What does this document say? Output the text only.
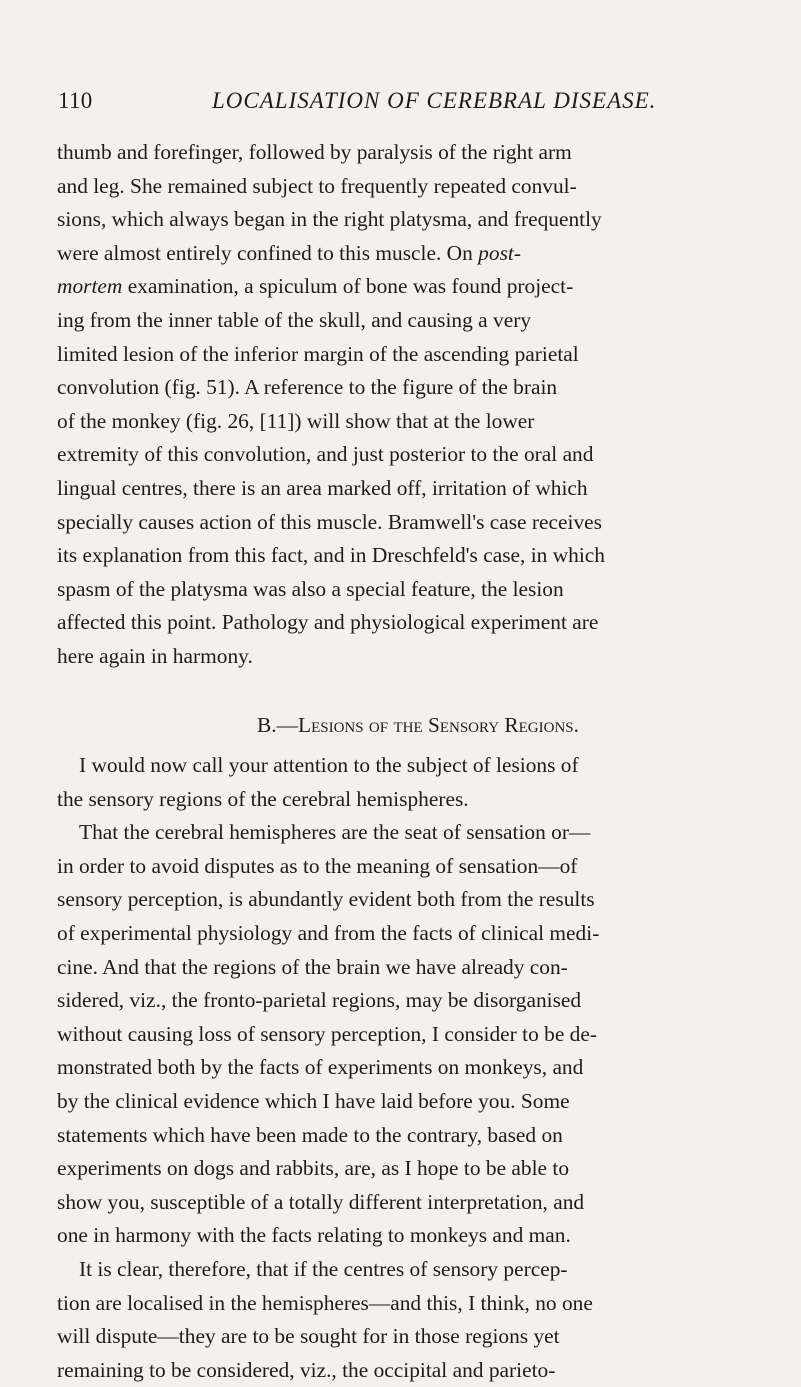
110	LOCALISATION OF CEREBRAL DISEASE.
thumb and forefinger, followed by paralysis of the right arm
and leg. She remained subject to frequently repeated convul-
sions, which always began in the right platysma, and frequently
were almost entirely confined to this muscle. On post-
mortem examination, a spiculum of bone was found project-
ing from the inner table of the skull, and causing a very
limited lesion of the inferior margin of the ascending parietal
convolution (fig. 51). A reference to the figure of the brain
of the monkey (fig. 26, [11]) will show that at the lower
extremity of this convolution, and just posterior to the oral and
lingual centres, there is an area marked off, irritation of which
specially causes action of this muscle. Bramwell's case receives
its explanation from this fact, and in Dreschfeld's case, in which
spasm of the platysma was also a special feature, the lesion
affected this point. Pathology and physiological experiment are
here again in harmony.
B.—Lesions of the Sensory Regions.
I would now call your attention to the subject of lesions of
the sensory regions of the cerebral hemispheres.
That the cerebral hemispheres are the seat of sensation or—
in order to avoid disputes as to the meaning of sensation—of
sensory perception, is abundantly evident both from the results
of experimental physiology and from the facts of clinical medi-
cine. And that the regions of the brain we have already con-
sidered, viz., the fronto-parietal regions, may be disorganised
without causing loss of sensory perception, I consider to be de-
monstrated both by the facts of experiments on monkeys, and
by the clinical evidence which I have laid before you. Some
statements which have been made to the contrary, based on
experiments on dogs and rabbits, are, as I hope to be able to
show you, susceptible of a totally different interpretation, and
one in harmony with the facts relating to monkeys and man.
It is clear, therefore, that if the centres of sensory percep-
tion are localised in the hemispheres—and this, I think, no one
will dispute—they are to be sought for in those regions yet
remaining to be considered, viz., the occipital and parieto-
